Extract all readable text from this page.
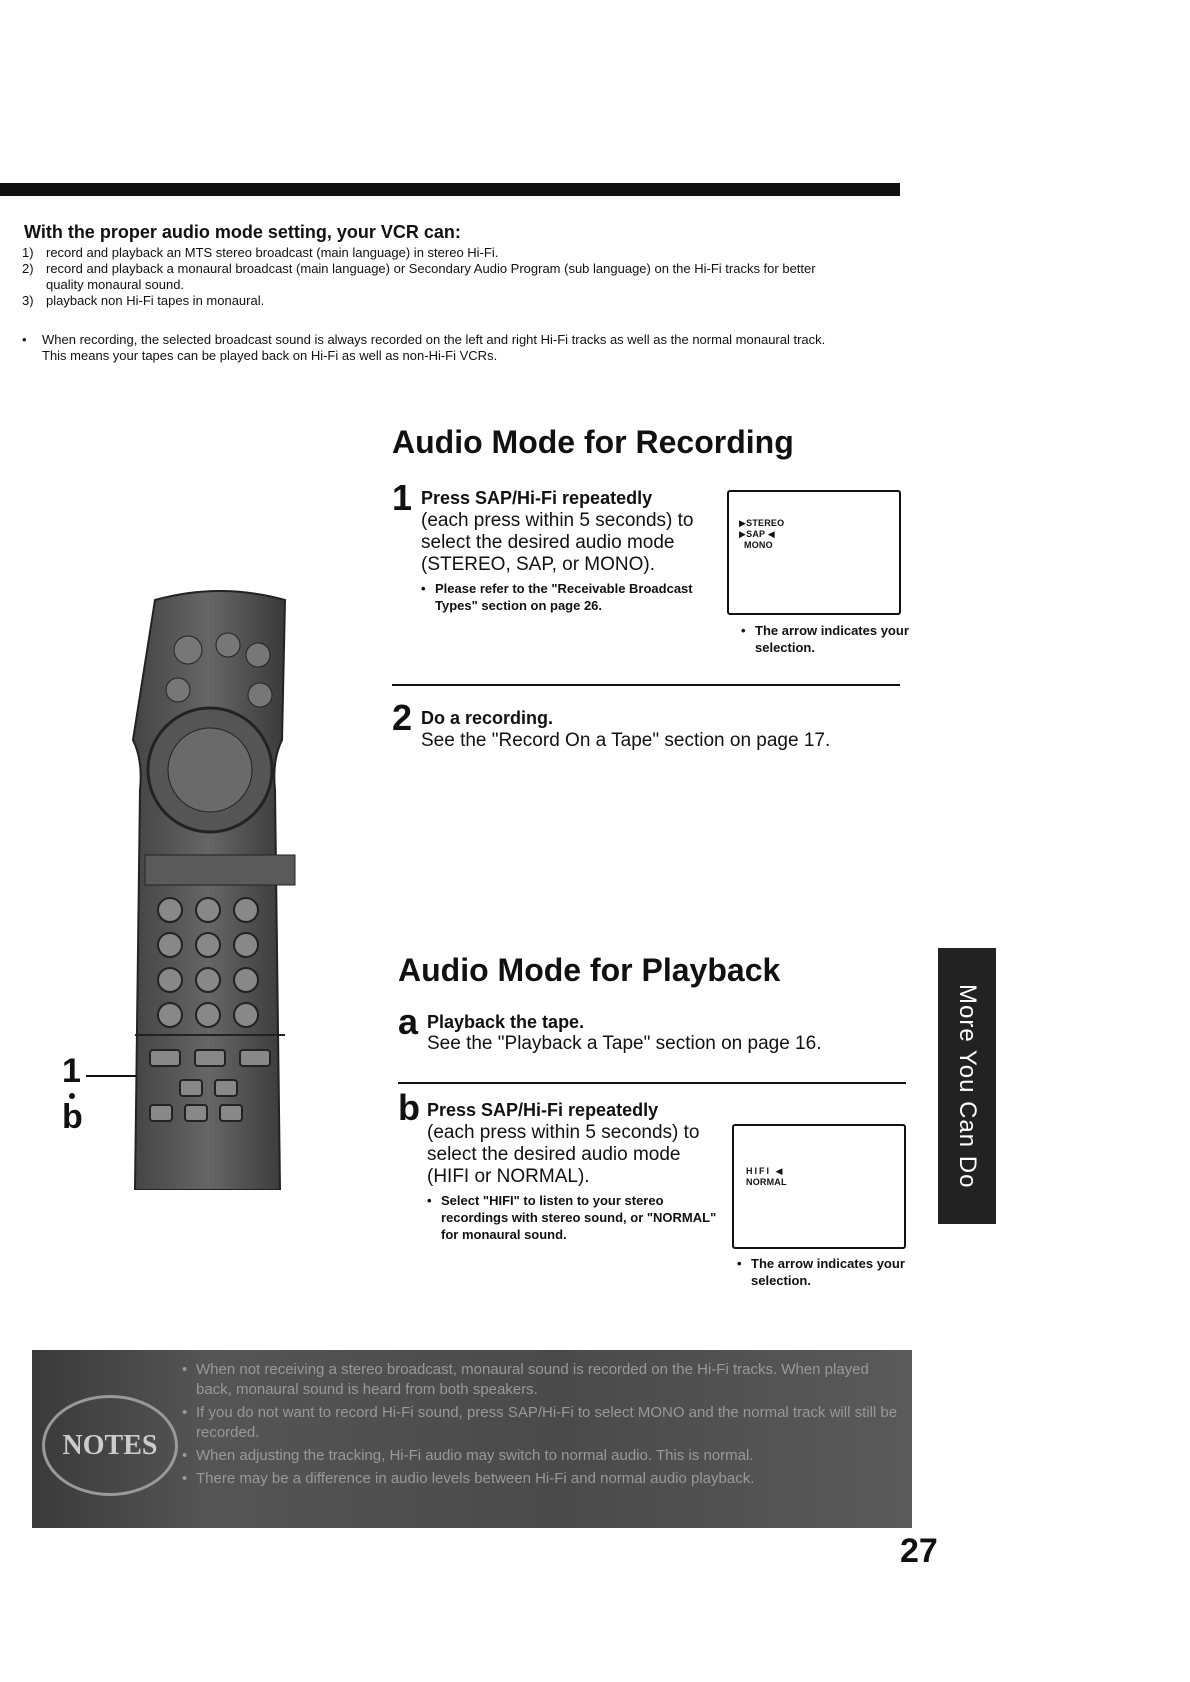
With the proper audio mode setting, your VCR can:
1) record and playback an MTS stereo broadcast (main language) in stereo Hi-Fi.
2) record and playback a monaural broadcast (main language) or Secondary Audio Program (sub language) on the Hi-Fi tracks for better quality monaural sound.
3) playback non Hi-Fi tapes in monaural.
•	When recording, the selected broadcast sound is always recorded on the left and right Hi-Fi tracks as well as the normal monaural track. This means your tapes can be played back on Hi-Fi as well as non-Hi-Fi VCRs.
1
b
Audio Mode for Recording
1 Press SAP/Hi-Fi repeatedly
(each press within 5 seconds) to select the desired audio mode (STEREO, SAP, or MONO).
• Please refer to the "Receivable Broadcast Types" section on page 26.
▶STEREO
▶SAP ◀
MONO
• The arrow indicates your selection.
2 Do a recording.
See the "Record On a Tape" section on page 17.
Audio Mode for Playback
a Playback the tape.
See the "Playback a Tape" section on page 16.
b Press SAP/Hi-Fi repeatedly
(each press within 5 seconds) to select the desired audio mode (HIFI or NORMAL).
• Select "HIFI" to listen to your stereo recordings with stereo sound, or "NORMAL" for monaural sound.
HIFI ◀
NORMAL
• The arrow indicates your selection.
More You Can Do
NOTES
• When not receiving a stereo broadcast, monaural sound is recorded on the Hi-Fi tracks. When played back, monaural sound is heard from both speakers.
• If you do not want to record Hi-Fi sound, press SAP/Hi-Fi to select MONO and the normal track will still be recorded.
• When adjusting the tracking, Hi-Fi audio may switch to normal audio. This is normal.
• There may be a difference in audio levels between Hi-Fi and normal audio playback.
27
